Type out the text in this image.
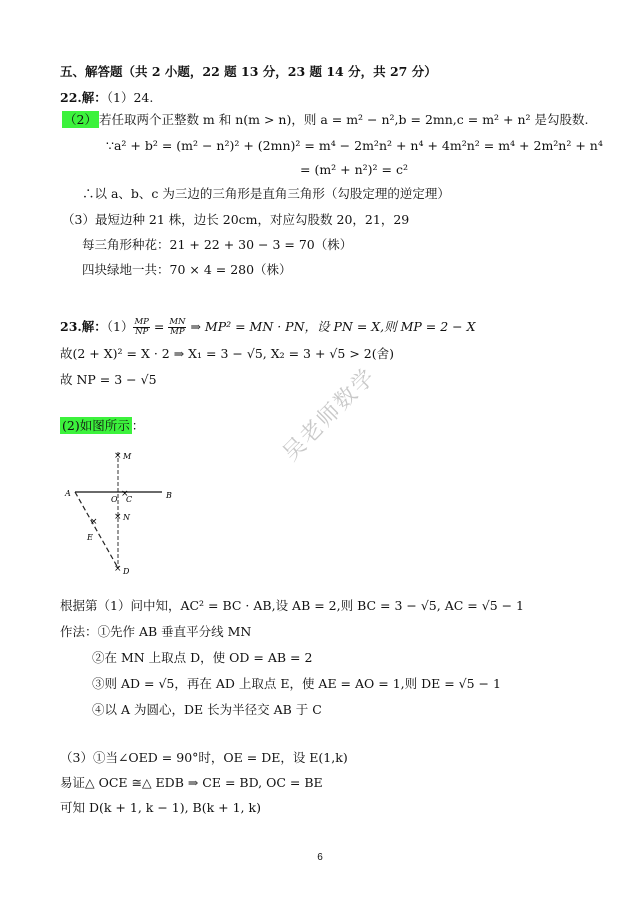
五、解答题（共 2 小题，22 题 13 分，23 题 14 分，共 27 分）
22.解：（1）24.
（2） 若任取两个正整数 m 和 n(m > n)，则 a = m² − n²,b = 2mn,c = m² + n² 是勾股数.
∵a² + b² = (m² − n²)² + (2mn)² = m⁴ − 2m²n² + n⁴ + 4m²n² = m⁴ + 2m²n² + n⁴
= (m² + n²)² = c²
∴以 a、b、c 为三边的三角形是直角三角形（勾股定理的逆定理）
（3）最短边种 21 株，边长 20cm，对应勾股数 20，21，29
每三角形种花：21 + 22 + 30 − 3 = 70（株）
四块绿地一共：70 × 4 = 280（株）
23.解：$(1) \frac{MP}{NP} = \frac{MN}{MP}$ ⇒ MP² = MN · PN，设 PN = X,则 MP = 2 − X
故(2 + X)² = X · 2 ⇒ X₁ = 3 − √5, X₂ = 3 + √5 > 2(舍)
故 NP = 3 − √5
(2)如图所示 ：
×
×
×
×
×
M
A	B
O C
N
E
D
吴老师数学
根据第（1）问中知，AC² = BC · AB,设 AB = 2,则 BC = 3 − √5, AC = √5 − 1
作法：①先作 AB 垂直平分线 MN
②在 MN 上取点 D，使 OD = AB = 2
③则 AD = √5，再在 AD 上取点 E，使 AE = AO = 1,则 DE = √5 − 1
④以 A 为圆心，DE 长为半径交 AB 于 C
（3）①当∠OED = 90°时，OE = DE，设 E(1,k)
易证△ OCE ≅△ EDB ⇒ CE = BD, OC = BE
可知 D(k + 1, k − 1), B(k + 1, k)
6
